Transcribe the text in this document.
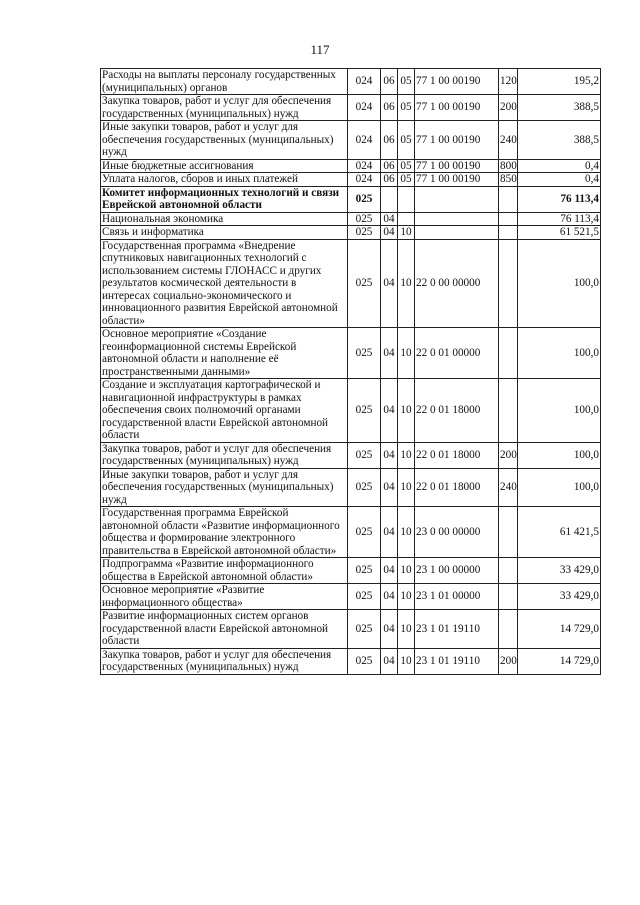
117
Расходы на выплаты персоналу государственных (муниципальных) органов	024	06	05	77 1 00 00190	120	195,2
Закупка товаров, работ и услуг для обеспечения государственных (муниципальных) нужд	024	06	05	77 1 00 00190	200	388,5
Иные закупки товаров, работ и услуг для обеспечения государственных (муниципальных) нужд	024	06	05	77 1 00 00190	240	388,5
Иные бюджетные ассигнования	024	06	05	77 1 00 00190	800	0,4
Уплата налогов, сборов и иных платежей	024	06	05	77 1 00 00190	850	0,4
Комитет информационных технологий и связи Еврейской автономной области	025					76 113,4
Национальная экономика	025	04				76 113,4
Связь и информатика	025	04	10			61 521,5
Государственная программа «Внедрение спутниковых навигационных технологий с использованием системы ГЛОНАСС и других результатов космической деятельности в интересах социально-экономического и инновационного развития Еврейской автономной области»	025	04	10	22 0 00 00000		100,0
Основное мероприятие «Создание геоинформационной системы Еврейской автономной области и наполнение её пространственными данными»	025	04	10	22 0 01 00000		100,0
Создание и эксплуатация картографической и навигационной инфраструктуры в рамках обеспечения своих полномочий органами государственной власти Еврейской автономной области	025	04	10	22 0 01 18000		100,0
Закупка товаров, работ и услуг для обеспечения государственных (муниципальных) нужд	025	04	10	22 0 01 18000	200	100,0
Иные закупки товаров, работ и услуг для обеспечения государственных (муниципальных) нужд	025	04	10	22 0 01 18000	240	100,0
Государственная программа Еврейской автономной области «Развитие информационного общества и формирование электронного правительства в Еврейской автономной области»	025	04	10	23 0 00 00000		61 421,5
Подпрограмма «Развитие информационного общества в Еврейской автономной области»	025	04	10	23 1 00 00000		33 429,0
Основное мероприятие «Развитие информационного общества»	025	04	10	23 1 01 00000		33 429,0
Развитие информационных систем органов государственной власти Еврейской автономной области	025	04	10	23 1 01 19110		14 729,0
Закупка товаров, работ и услуг для обеспечения государственных (муниципальных) нужд	025	04	10	23 1 01 19110	200	14 729,0
